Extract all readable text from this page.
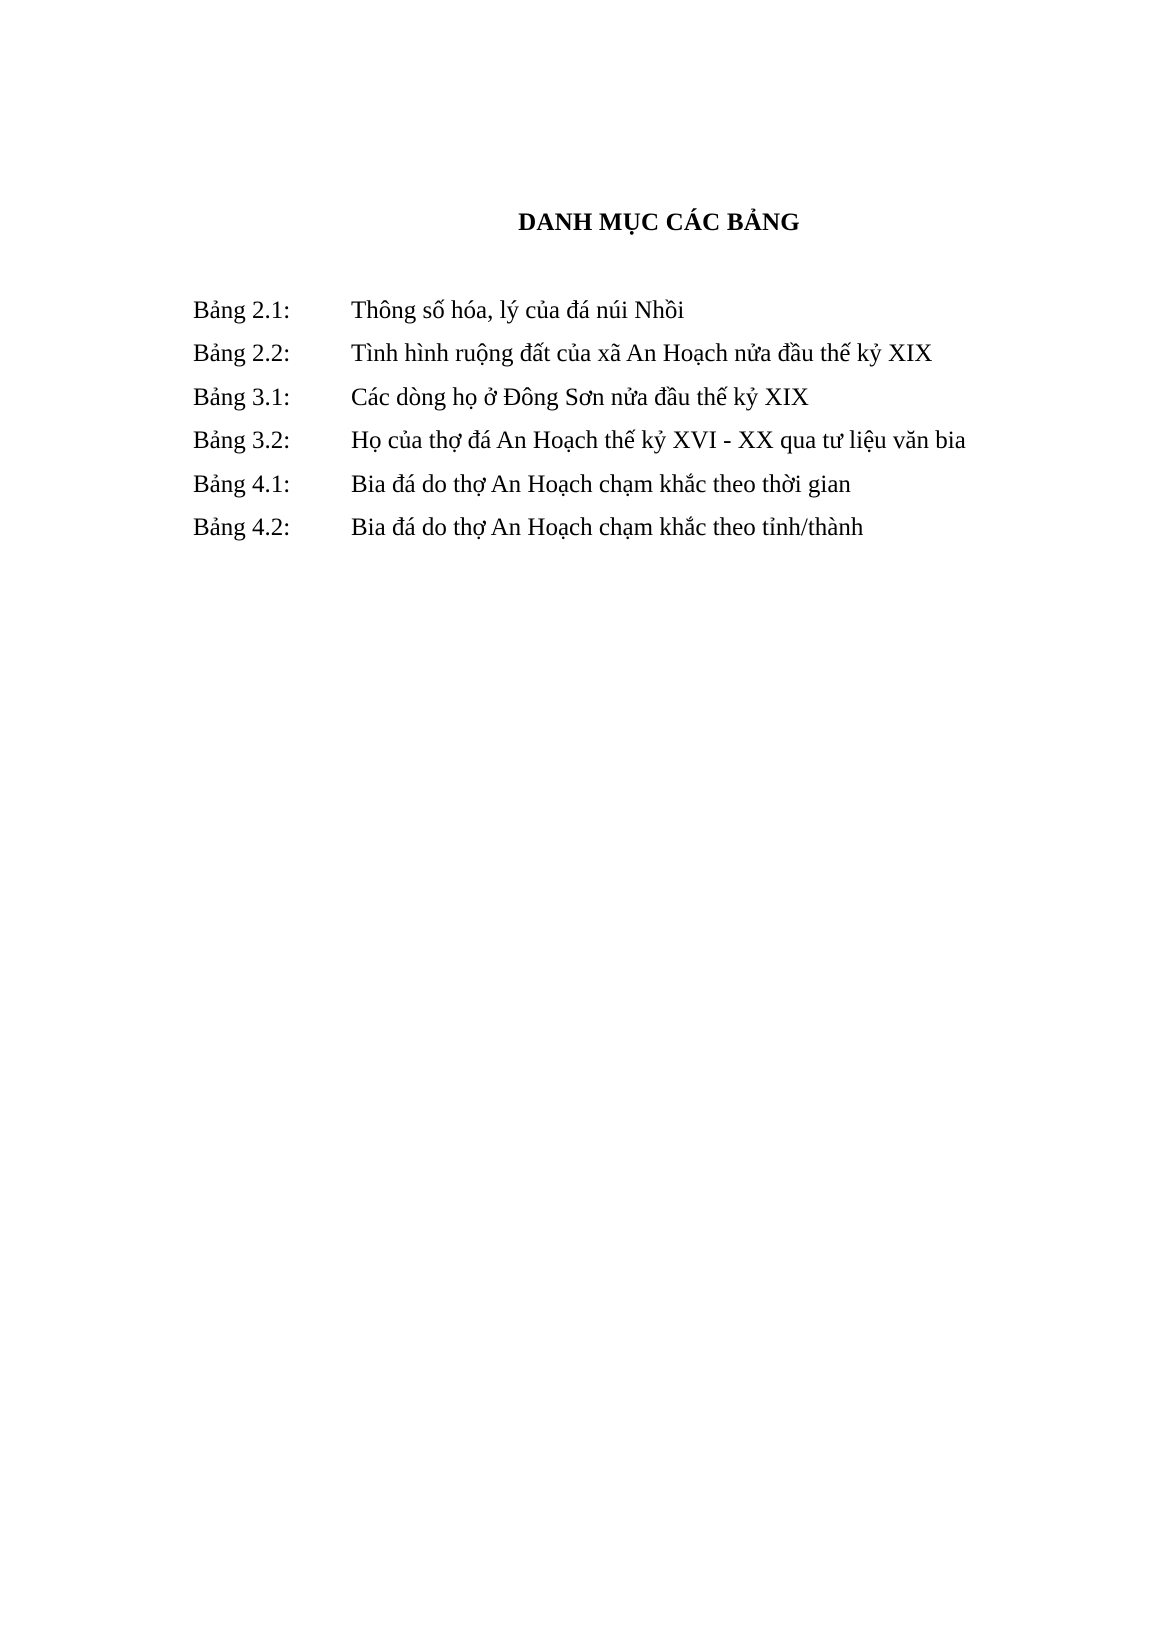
DANH MỤC CÁC BẢNG
Bảng 2.1:	Thông số hóa, lý của đá núi Nhồi
Bảng 2.2:	Tình hình ruộng đất của xã An Hoạch nửa đầu thế kỷ XIX
Bảng 3.1:	Các dòng họ ở Đông Sơn nửa đầu thế kỷ XIX
Bảng 3.2:	Họ của thợ đá An Hoạch thế kỷ XVI - XX qua tư liệu văn bia
Bảng 4.1:	Bia đá do thợ An Hoạch chạm khắc theo thời gian
Bảng 4.2:	Bia đá do thợ An Hoạch chạm khắc theo tỉnh/thành
